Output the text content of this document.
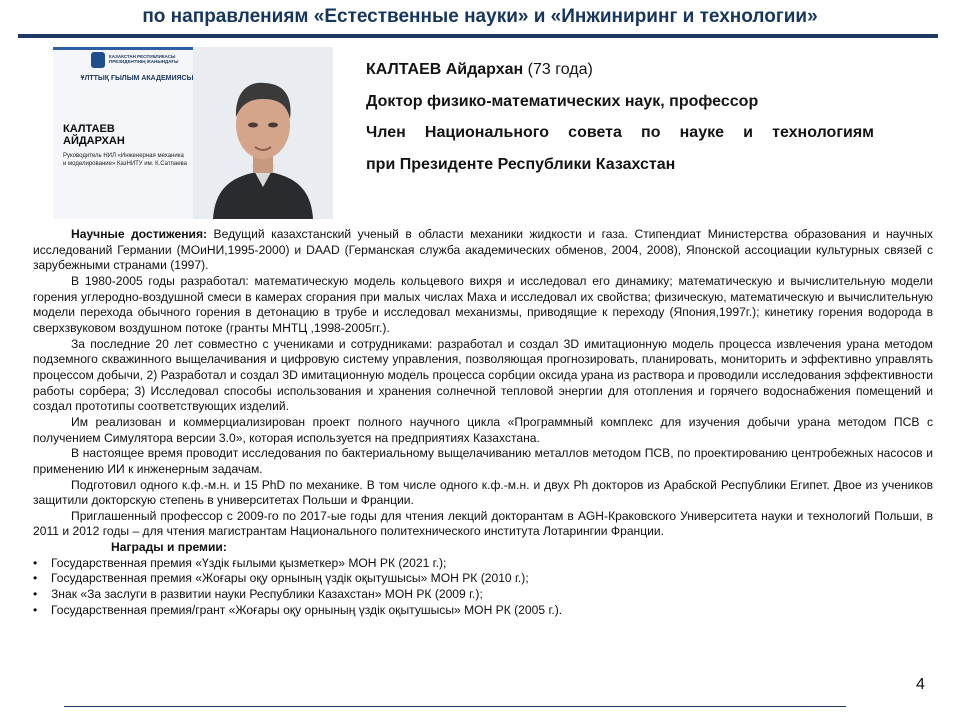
по направлениям «Естественные науки» и «Инжиниринг и технологии»
КАЗАКСТАН РЕСПУБЛИКАСЫ ПРЕЗИДЕНТІНІҢ ЖАНЫНДАҒЫ
ҰЛТТЫҚ ҒЫЛЫМ АКАДЕМИЯСЫ
КАЛТАЕВ
АЙДАРХАН
Руководитель НИЛ «Инженерная механика и моделирование» КазНИТУ им. К.Сатпаева
КАЛТАЕВ Айдархан (73 года)
Доктор физико-математических наук, профессор
Член Национального совета по науке и технологиям
при Президенте Республики Казахстан

Научные достижения: Ведущий казахстанский ученый в области механики жидкости и газа. Стипендиат Министерства образования и научных исследований Германии (МОиНИ,1995-2000) и DAAD (Германская служба академических обменов, 2004, 2008), Японской ассоциации культурных связей с зарубежными странами (1997).

В 1980-2005 годы разработал: математическую модель кольцевого вихря и исследовал его динамику; математическую и вычислительную модели горения углеродно-воздушной смеси в камерах сгорания при малых числах Маха и исследовал их свойства; физическую, математическую и вычислительную модели перехода обычного горения в детонацию в трубе и исследовал механизмы, приводящие к переходу (Япония,1997г.); кинетику горения водорода в сверхзвуковом воздушном потоке (гранты МНТЦ ,1998-2005гг.).

За последние 20 лет совместно с учениками и сотрудниками: разработал и создал 3D имитационную модель процесса извлечения урана методом подземного скважинного выщелачивания и цифровую систему управления, позволяющая прогнозировать, планировать, мониторить и эффективно управлять процессом добычи, 2) Разработал и создал 3D имитационную модель процесса сорбции оксида урана из раствора и проводили исследования эффективности работы сорбера; 3) Исследовал способы использования и хранения солнечной тепловой энергии для отопления и горячего водоснабжения помещений и создал прототипы соответствующих изделий.

Им реализован и коммерциализирован проект полного научного цикла «Программный комплекс для изучения добычи урана методом ПСВ с получением Симулятора версии 3.0», которая используется на предприятиях Казахстана.

В настоящее время проводит исследования по бактериальному выщелачиванию металлов методом ПСВ, по проектированию центробежных насосов и применению ИИ к инженерным задачам.

Подготовил одного к.ф.-м.н. и 15 PhD по механике. В том числе одного к.ф.-м.н. и двух Ph докторов из Арабской Республики Египет. Двое из учеников защитили докторскую степень в университетах Польши и Франции.

Приглашенный профессор с 2009-го по 2017-ые годы для чтения лекций докторантам в AGH-Краковского Университета науки и технологий Польши, в 2011 и 2012 годы – для чтения магистрантам Национального политехнического института Лотарингии Франции.

Награды и премии:
• Государственная премия «Үздік ғылыми қызметкер» МОН РК (2021 г.);
• Государственная премия «Жоғары оқу орнының үздік оқытушысы» МОН РК (2010 г.);
• Знак «За заслуги в развитии науки Республики Казахстан» МОН РК (2009 г.);
• Государственная премия/грант «Жоғары оқу орнының үздік оқытушысы» МОН РК (2005 г.).
4
